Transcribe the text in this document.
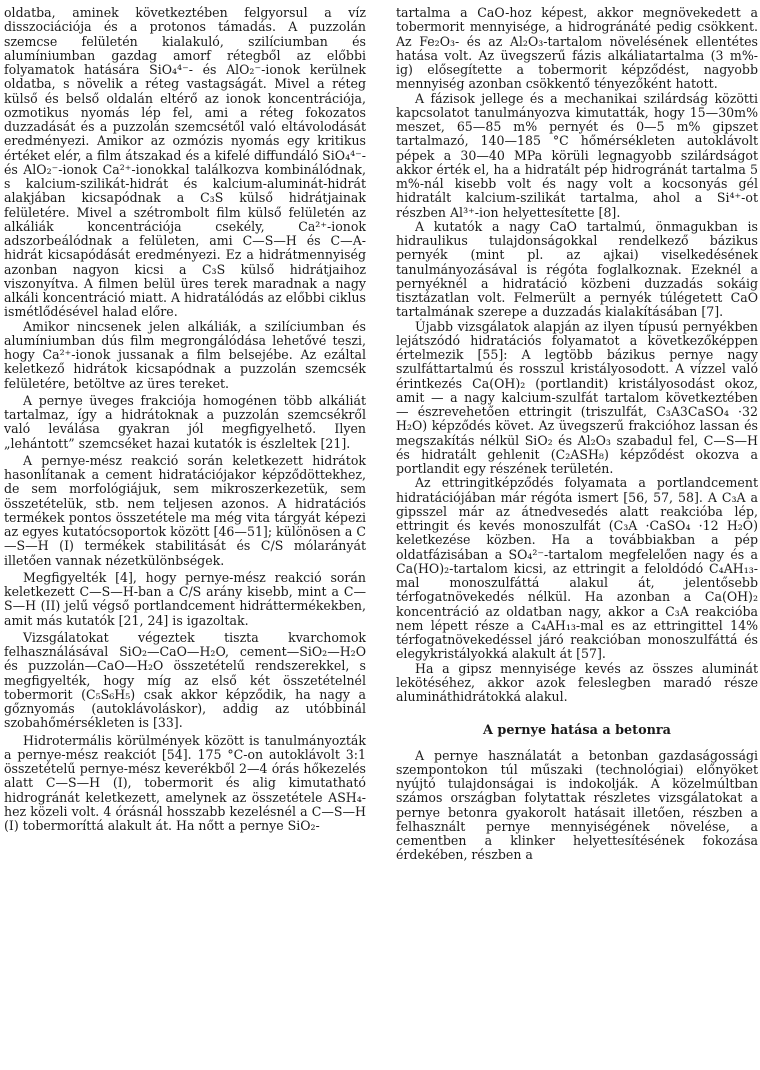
oldatba, aminek következtében felgyorsul a víz disszociációja és a protonos támadás. A puzzolán szemcse felületén kialakuló, szilíciumban és alumíniumban gazdag amorf rétegből az előbbi folyamatok hatására SiO₄⁴⁻- és AlO₂⁻-ionok kerülnek oldatba, s növelik a réteg vastagságát. Mivel a réteg külső és belső oldalán eltérő az ionok koncentrációja, ozmotikus nyomás lép fel, ami a réteg fokozatos duzzadását és a puzzolán szemcsétől való eltávolodását eredményezi. Amikor az ozmózis nyomás egy kritikus értéket elér, a film átszakad és a kifelé diffundáló SiO₄⁴⁻- és AlO₂⁻-ionok Ca²⁺-ionokkal találkozva kombinálódnak, s kalcium-szilikát-hidrát és kalcium-aluminát-hidrát alakjában kicsapódnak a C₃S külső hidrátjainak felületére. Mivel a szétrombolt film külső felületén az alkáliák koncentrációja csekély, Ca²⁺-ionok adszorbeálódnak a felületen, ami C—S—H és C—A-hidrát kicsapódását eredményezi. Ez a hidrátmennyiség azonban nagyon kicsi a C₃S külső hidrátjaihoz viszonyítva. A filmen belül üres terek maradnak a nagy alkáli koncentráció miatt. A hidratálódás az előbbi ciklus ismétlődésével halad előre.

Amikor nincsenek jelen alkáliák, a szilíciumban és alumíniumban dús film megrongálódása lehetővé teszi, hogy Ca²⁺-ionok jussanak a film belsejébe. Az ezáltal keletkező hidrátok kicsapódnak a puzzolán szemcsék felületére, betöltve az üres tereket.

A pernye üveges frakciója homogénen több alkáliát tartalmaz, így a hidrátoknak a puzzolán szemcsékről való leválása gyakran jól megfigyelhető. Ilyen „lehántott” szemcséket hazai kutatók is észleltek [21].

A pernye-mész reakció során keletkezett hidrátok hasonlítanak a cement hidratációjakor képződöttekhez, de sem morfológiájuk, sem mikroszerkezetük, sem összetételük, stb. nem teljesen azonos. A hidratációs termékek pontos összetétele ma még vita tárgyát képezi az egyes kutatócsoportok között [46—51]; különösen a C—S—H (I) termékek stabilitását és C/S mólarányát illetően vannak nézetkülönbségek.

Megfigyelték [4], hogy pernye-mész reakció során keletkezett C—S—H-ban a C/S arány kisebb, mint a C—S—H (II) jelű végső portlandcement hidráttermékekben, amit más kutatók [21, 24] is igazoltak.

Vizsgálatokat végeztek tiszta kvarchomok felhasználásával SiO₂—CaO—H₂O, cement—SiO₂—H₂O és puzzolán—CaO—H₂O összetételű rendszerekkel, s megfigyelték, hogy míg az első két összetételnél tobermorit (C₅S₆H₅) csak akkor képződik, ha nagy a gőznyomás (autoklávoláskor), addig az utóbbinál szobahőmérsékleten is [33].

Hidrotermális körülmények között is tanulmányozták a pernye-mész reakciót [54]. 175 °C-on autoklávolt 3:1 összetételű pernye-mész keverékből 2—4 órás hőkezelés alatt C—S—H (I), tobermorit és alig kimutatható hidrogránát keletkezett, amelynek az összetétele ASH₄-hez közeli volt. 4 órásnál hosszabb kezelésnél a C—S—H (I) tobermoríttá alakult át. Ha nőtt a pernye SiO₂-

tartalma a CaO-hoz képest, akkor megnövekedett a tobermorit mennyisége, a hidrogránáté pedig csökkent. Az Fe₂O₃- és az Al₂O₃-tartalom növelésének ellentétes hatása volt. Az üvegszerű fázis alkáliatartalma (3 m%-ig) elősegítette a tobermorit képződést, nagyobb mennyiség azonban csökkentő tényezőként hatott.

A fázisok jellege és a mechanikai szilárdság közötti kapcsolatot tanulmányozva kimutatták, hogy 15—30m% meszet, 65—85 m% pernyét és 0—5 m% gipszet tartalmazó, 140—185 °C hőmérsékleten autoklávolt pépek a 30—40 MPa körüli legnagyobb szilárdságot akkor érték el, ha a hidratált pép hidrogránát tartalma 5 m%-nál kisebb volt és nagy volt a kocsonyás gél hidratált kalcium-szilikát tartalma, ahol a Si⁴⁺-ot részben Al³⁺-ion helyettesítette [8].

A kutatók a nagy CaO tartalmú, önmagukban is hidraulikus tulajdonságokkal rendelkező bázikus pernyék (mint pl. az ajkai) viselkedésének tanulmányozásával is régóta foglalkoznak. Ezeknél a pernyéknél a hidratáció közbeni duzzadás sokáig tisztázatlan volt. Felmerült a pernyék túlégetett CaO tartalmának szerepe a duzzadás kialakításában [7].

Újabb vizsgálatok alapján az ilyen típusú pernyékben lejátszódó hidratációs folyamatot a következőképpen értelmezik [55]: A legtöbb bázikus pernye nagy szulfáttartalmú és rosszul kristályosodott. A vízzel való érintkezés Ca(OH)₂ (portlandit) kristályosodást okoz, amit — a nagy kalcium-szulfát tartalom következtében — észrevehetően ettringit (triszulfát, C₃A3CaSO₄ ·32 H₂O) képződés követ. Az üvegszerű frakcióhoz lassan és megszakítás nélkül SiO₂ és Al₂O₃ szabadul fel, C—S—H és hidratált gehlenit (C₂ASH₈) képződést okozva a portlandit egy részének területén.

Az ettringitképződés folyamata a portlandcement hidratációjában már régóta ismert [56, 57, 58]. A C₃A a gipsszel már az átnedvesedés alatt reakcióba lép, ettringit és kevés monoszulfát (C₃A ·CaSO₄ ·12 H₂O) keletkezése közben. Ha a továbbiakban a pép oldatfázisában a SO₄²⁻-tartalom megfelelően nagy és a Ca(HO)₂-tartalom kicsi, az ettringit a feloldódó C₄AH₁₃-mal monoszulfáttá alakul át, jelentősebb térfogatnövekedés nélkül. Ha azonban a Ca(OH)₂ koncentráció az oldatban nagy, akkor a C₃A reakcióba nem lépett része a C₄AH₁₃-mal es az ettringittel 14% térfogatnövekedéssel járó reakcióban monoszulfáttá és elegykristályokká alakult át [57].

Ha a gipsz mennyisége kevés az összes aluminát lekötéséhez, akkor azok feleslegben maradó része alumináthidrátokká alakul.

A pernye hatása a betonra

A pernye használatát a betonban gazdaságossági szempontokon túl műszaki (technológiai) előnyöket nyújtó tulajdonságai is indokolják. A közelmúltban számos országban folytattak részletes vizsgálatokat a pernye betonra gyakorolt hatásait illetően, részben a felhasznált pernye mennyiségének növelése, a cementben a klinker helyettesítésének fokozása érdekében, részben a
